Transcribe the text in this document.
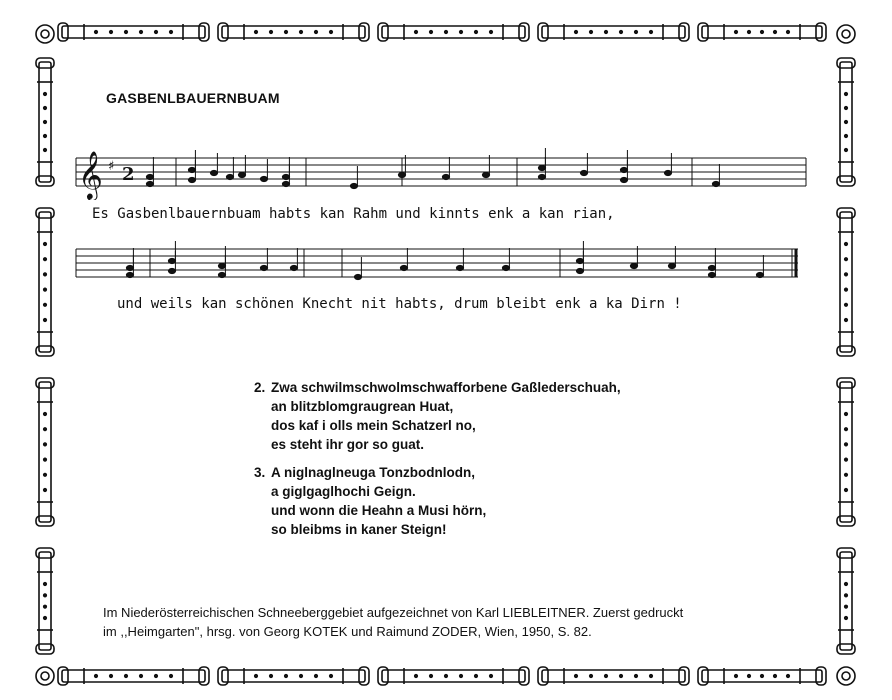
GASBENLBAUERNBUAM
𝄞 ♯ 2
Es Gasbenlbauernbuam habts kan Rahm und kinnts enk a kan rian,
und weils kan schönen Knecht nit habts, drum bleibt enk a ka Dirn !
2. Zwa schwilmschwolmschwafforbene Gaßlederschuah,
an blitzblomgraugrean Huat,
dos kaf i olls mein Schatzerl no,
es steht ihr gor so guat.
3. A niglnaglneuga Tonzbodnlodn,
a giglgaglhochi Geign.
und wonn die Heahn a Musi hörn,
so bleibms in kaner Steign!
Im Niederösterreichischen Schneeberggebiet aufgezeichnet von Karl LIEBLEITNER. Zuerst gedruckt
im ,,Heimgarten", hrsg. von Georg KOTEK und Raimund ZODER, Wien, 1950, S. 82.
